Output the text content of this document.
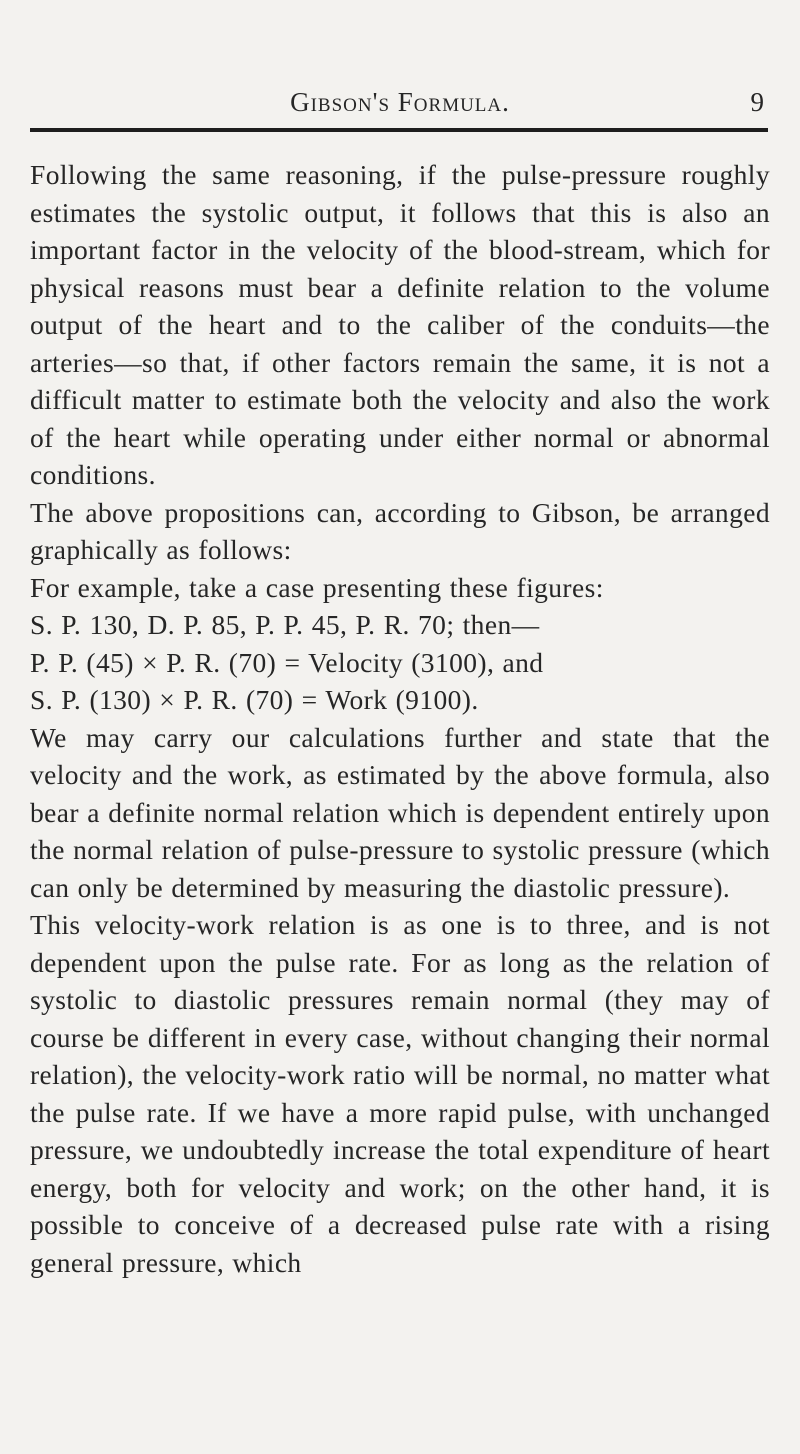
Gibson's Formula.	9

Following the same reasoning, if the pulse-pressure roughly estimates the systolic output, it follows that this is also an important factor in the velocity of the blood-stream, which for physical reasons must bear a definite relation to the volume output of the heart and to the caliber of the conduits—the arteries—so that, if other factors remain the same, it is not a difficult matter to estimate both the velocity and also the work of the heart while operating under either normal or abnormal conditions.

The above propositions can, according to Gibson, be arranged graphically as follows:

For example, take a case presenting these figures:

S. P. 130, D. P. 85, P. P. 45, P. R. 70; then—

P. P. (45) × P. R. (70) = Velocity (3100), and

S. P. (130) × P. R. (70) = Work (9100).

We may carry our calculations further and state that the velocity and the work, as estimated by the above formula, also bear a definite normal relation which is dependent entirely upon the normal relation of pulse-pressure to systolic pressure (which can only be determined by measuring the diastolic pressure).

This velocity-work relation is as one is to three, and is not dependent upon the pulse rate. For as long as the relation of systolic to diastolic pressures remain normal (they may of course be different in every case, without changing their normal relation), the velocity-work ratio will be normal, no matter what the pulse rate. If we have a more rapid pulse, with unchanged pressure, we undoubtedly increase the total expenditure of heart energy, both for velocity and work; on the other hand, it is possible to conceive of a decreased pulse rate with a rising general pressure, which
